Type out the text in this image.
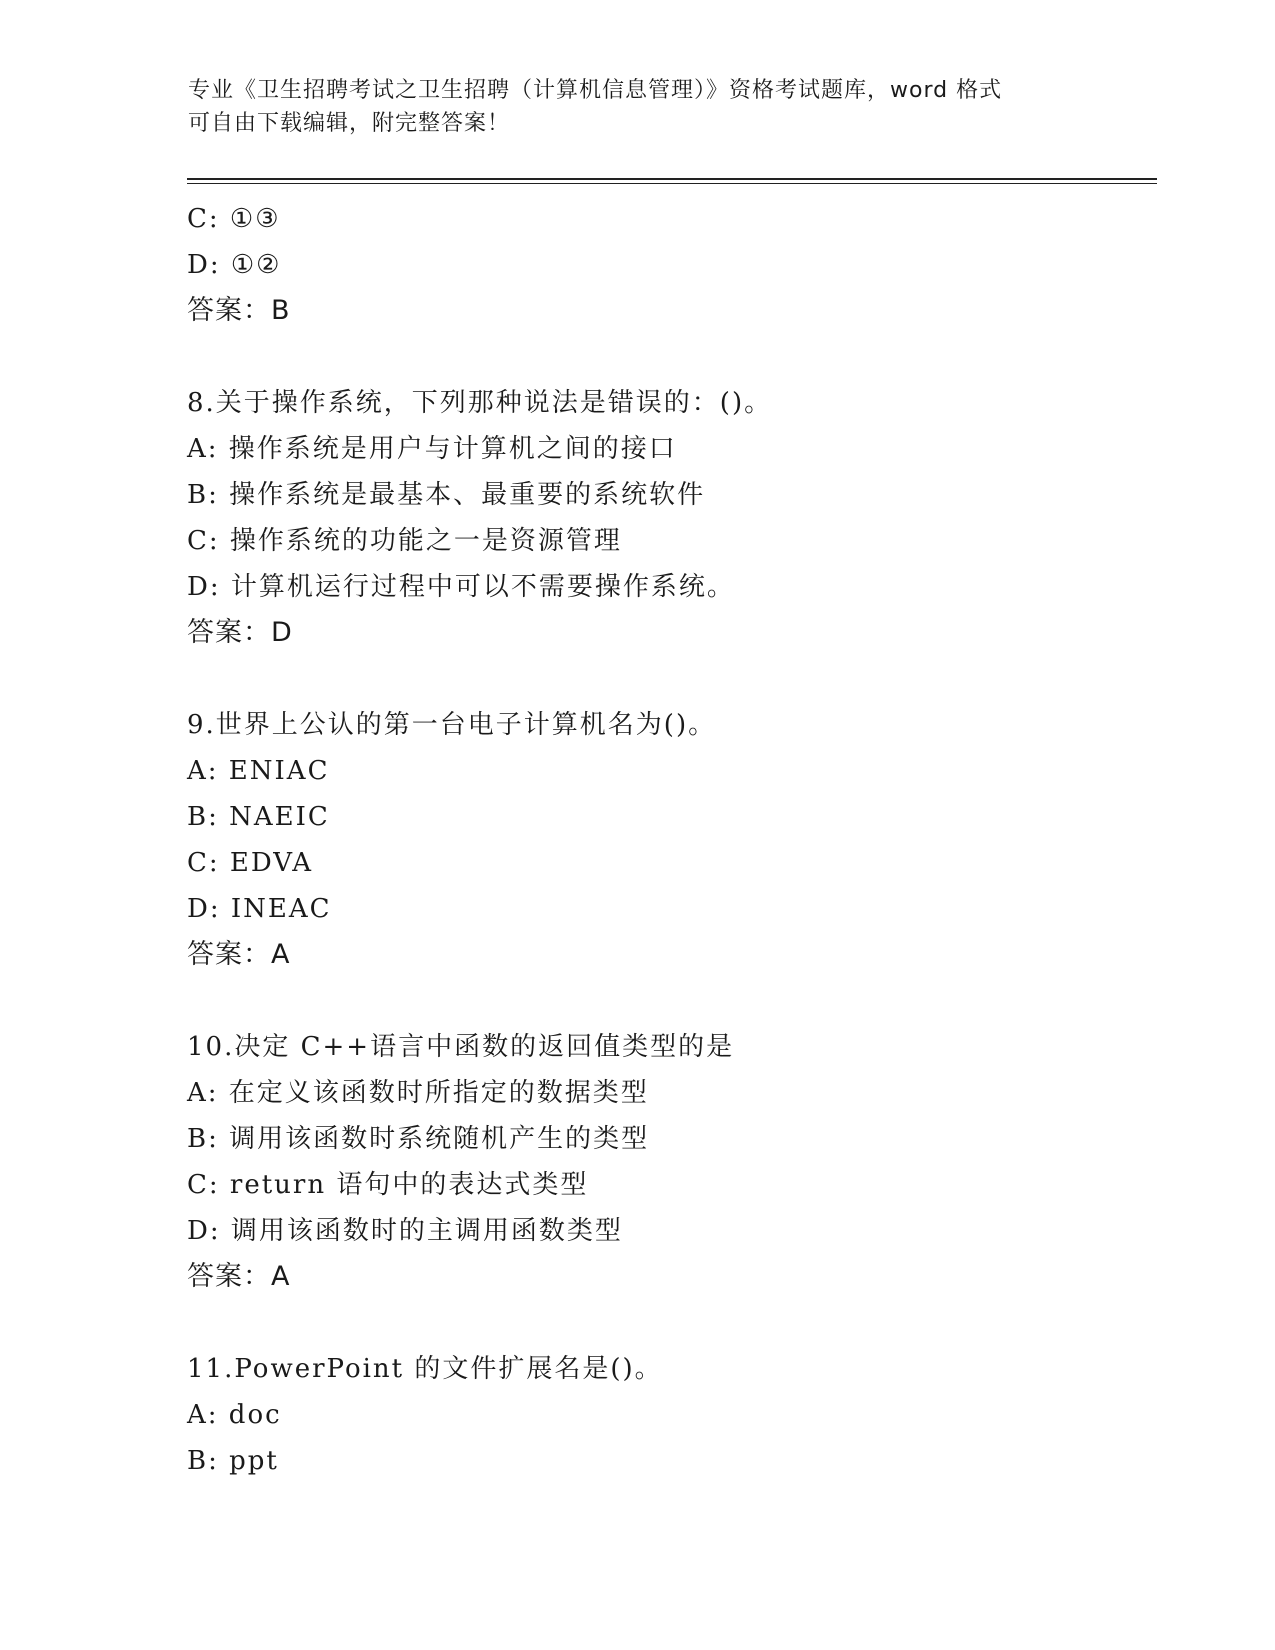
专业《卫生招聘考试之卫生招聘（计算机信息管理）》资格考试题库，word 格式
可自由下载编辑，附完整答案！
C: ①③
D: ①②
答案：B
8.关于操作系统，下列那种说法是错误的：()。
A: 操作系统是用户与计算机之间的接口
B: 操作系统是最基本、最重要的系统软件
C: 操作系统的功能之一是资源管理
D: 计算机运行过程中可以不需要操作系统。
答案：D
9.世界上公认的第一台电子计算机名为()。
A: ENIAC
B: NAEIC
C: EDVA
D: INEAC
答案：A
10.决定 C++语言中函数的返回值类型的是
A: 在定义该函数时所指定的数据类型
B: 调用该函数时系统随机产生的类型
C: return 语句中的表达式类型
D: 调用该函数时的主调用函数类型
答案：A
11.PowerPoint 的文件扩展名是()。
A: doc
B: ppt
